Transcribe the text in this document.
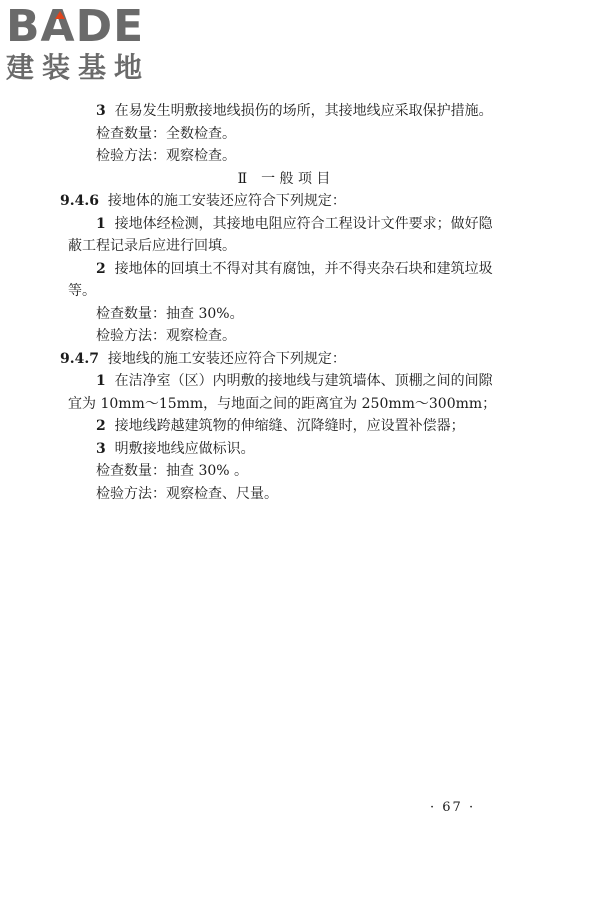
BADE
建装基地

3 在易发生明敷接地线损伤的场所，其接地线应采取保护措施。

检查数量：全数检查。

检验方法：观察检查。

Ⅱ　一 般 项 目

9.4.6 接地体的施工安装还应符合下列规定：

1 接地体经检测，其接地电阻应符合工程设计文件要求；做好隐蔽工程记录后应进行回填。

2 接地体的回填土不得对其有腐蚀，并不得夹杂石块和建筑垃圾等。

检查数量：抽查 30%。

检验方法：观察检查。

9.4.7 接地线的施工安装还应符合下列规定：

1 在洁净室（区）内明敷的接地线与建筑墙体、顶棚之间的间隙宜为 10mm～15mm，与地面之间的距离宜为 250mm～300mm；

2 接地线跨越建筑物的伸缩缝、沉降缝时，应设置补偿器；

3 明敷接地线应做标识。

检查数量：抽查 30% 。

检验方法：观察检查、尺量。

· 67 ·
